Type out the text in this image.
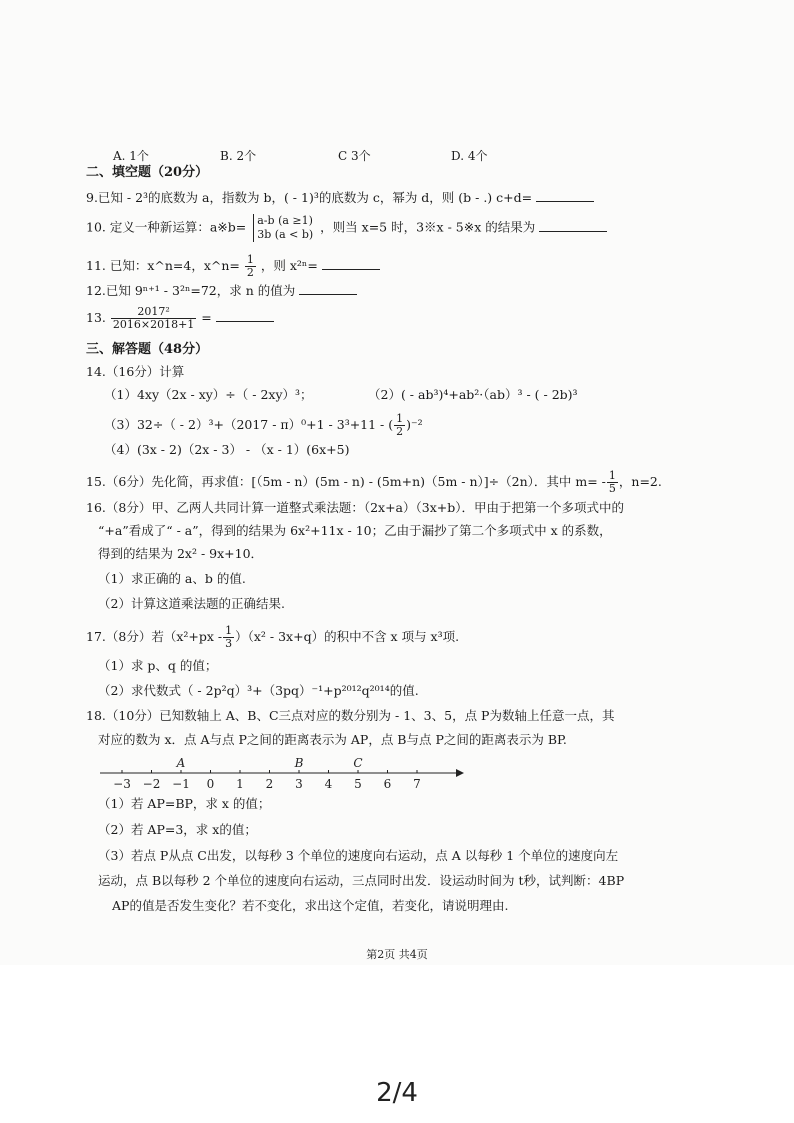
A. 1个	B. 2个	C 3个	D. 4个
二、填空题（20分）
9.已知 - 2³的底数为 a，指数为 b，( - 1)³的底数为 c，幂为 d，则 (b - .) c+d=
10. 定义一种新运算：a※b= a-b (a ≥1)
3b (a < b) ，则当 x=5 时，3※x - 5※x 的结果为
11. 已知：x^n=4，x^n= $\frac{1}{2}$ ，则 x²ⁿ=
12.已知 9ⁿ⁺¹ - 3²ⁿ=72，求 n 的值为
13. $\frac{\text{2017²}}{2016\times 2018+1}$ =
三、解答题（48分）
14.（16分）计算
（1）4xy（2x - xy）÷（ - 2xy）³；	（2）( - ab³)⁴+ab²·（ab）³ - ( - 2b)³
（3）32÷（ - 2）³+（2017 - π）⁰+1 - 3³+11 - ( $\frac{1}{2} )^{-2}$
（4）(3x - 2)（2x - 3） - （x - 1）(6x+5)
15.（6分）先化简，再求值：[（5m - n）(5m - n) - (5m+n)（5m - n）]÷（2n）．其中 $m= - \frac{1}{5}$ ，n=2.
16.（8分）甲、乙两人共同计算一道整式乘法题：（2x+a）（3x+b）．甲由于把第一个多项式中的
“+a”看成了“ - a”，得到的结果为 6x²+11x - 10；乙由于漏抄了第二个多项式中 x 的系数，
得到的结果为 2x² - 9x+10．
（1）求正确的 a、b 的值.
（2）计算这道乘法题的正确结果.
17.（8分）若$(x^2+px - \frac{1}{3} )(x^2 - 3x+q)$的积中不含 x 项与 x³项.
（1）求 p、q 的值；
（2）求代数式（ - 2p²q）³+（3pq）⁻¹+p²⁰¹²q²⁰¹⁴的值.
18.（10分）已知数轴上 A、B、C三点对应的数分别为 - 1、3、5，点 P为数轴上任意一点，其
对应的数为 x．点 A与点 P之间的距离表示为 AP，点 B与点 P之间的距离表示为 BP.
−3 −2 −1 0 1 2 3 4 5 6 7
A	B	C
（1）若 AP=BP，求 x 的值；
（2）若 AP=3，求 x的值；
（3）若点 P从点 C出发，以每秒 3 个单位的速度向右运动，点 A 以每秒 1 个单位的速度向左
运动，点 B以每秒 2 个单位的速度向右运动，三点同时出发．设运动时间为 t秒，试判断：4BP
AP的值是否发生变化？若不变化，求出这个定值，若变化，请说明理由.
第2页 共4页
2/4
